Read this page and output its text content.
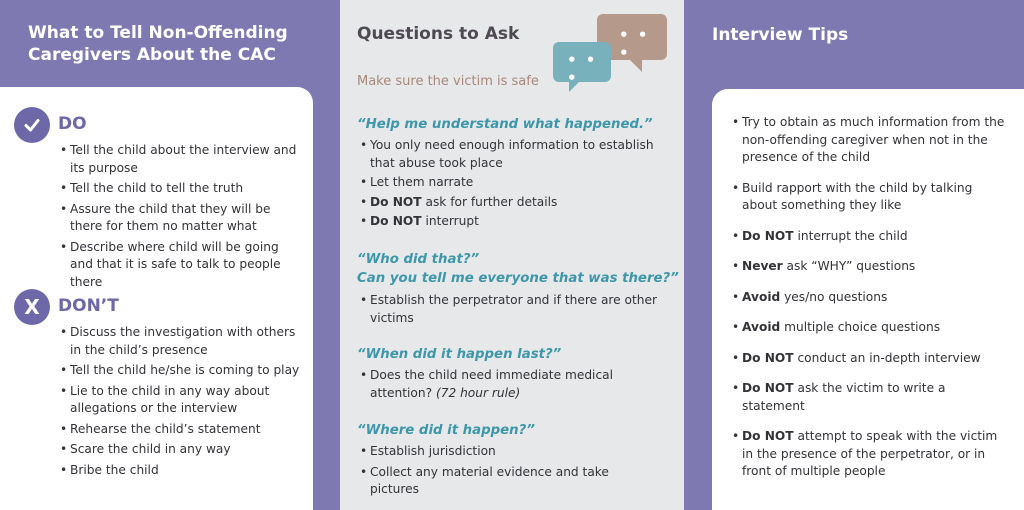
What to Tell Non-Offending Caregivers About the CAC
DO
• Tell the child about the interview and its purpose
• Tell the child to tell the truth
• Assure the child that they will be there for them no matter what
• Describe where child will be going and that it is safe to talk to people there
X	DON’T
• Discuss the investigation with others in the child’s presence
• Tell the child he/she is coming to play
• Lie to the child in any way about allegations or the interview
• Rehearse the child’s statement
• Scare the child in any way
• Bribe the child
Questions to Ask	• • •
• • •
Make sure the victim is safe
“Help me understand what happened.”
• You only need enough information to establish that abuse took place
• Let them narrate
• Do NOT ask for further details
• Do NOT interrupt
“Who did that?”
Can you tell me everyone that was there?”
• Establish the perpetrator and if there are other victims
“When did it happen last?”
• Does the child need immediate medical attention? (72 hour rule)
“Where did it happen?”
• Establish jurisdiction
• Collect any material evidence and take pictures
Interview Tips
• Try to obtain as much information from the non-offending caregiver when not in the presence of the child
• Build rapport with the child by talking about something they like
• Do NOT interrupt the child
• Never ask “WHY” questions
• Avoid yes/no questions
• Avoid multiple choice questions
• Do NOT conduct an in-depth interview
• Do NOT ask the victim to write a statement
• Do NOT attempt to speak with the victim in the presence of the perpetrator, or in front of multiple people
